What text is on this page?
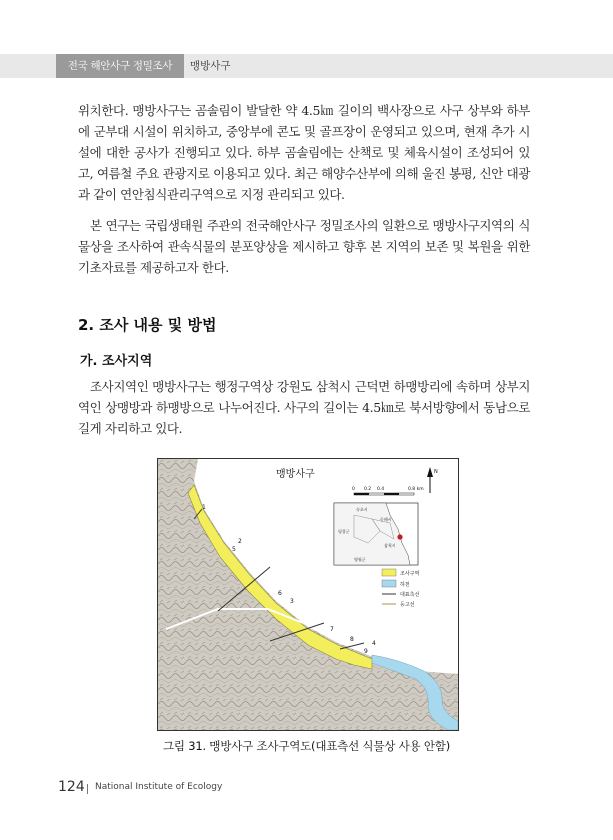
전국 해안사구 정밀조사	맹방사구

위치한다. 맹방사구는 곰솔림이 발달한 약 4.5㎞ 길이의 백사장으로 사구 상부와 하부에 군부대 시설이 위치하고, 중앙부에 콘도 및 골프장이 운영되고 있으며, 현재 추가 시설에 대한 공사가 진행되고 있다. 하부 곰솔림에는 산책로 및 체육시설이 조성되어 있고, 여름철 주요 관광지로 이용되고 있다. 최근 해양수산부에 의해 울진 봉평, 신안 대광과 같이 연안침식관리구역으로 지정 관리되고 있다.

본 연구는 국립생태원 주관의 전국해안사구 정밀조사의 일환으로 맹방사구지역의 식물상을 조사하여 관속식물의 분포양상을 제시하고 향후 본 지역의 보존 및 복원을 위한 기초자료를 제공하고자 한다.

2. 조사 내용 및 방법
가. 조사지역

조사지역인 맹방사구는 행정구역상 강원도 삼척시 근덕면 하맹방리에 속하며 상부지역인 상맹방과 하맹방으로 나누어진다. 사구의 길이는 4.5㎞로 북서방향에서 동남으로 길게 자리하고 있다.

1
2
3
4
5
6
7
8
9
맹방사구	N
0 0.2 0.4	0.8 km
속초시
동해시
평창군
삼척시
영월군
조사구역
하천
대표측선
등고선
그림 31. 맹방사구 조사구역도(대표측선 식물상 사용 안함)
124 National Institute of Ecology
